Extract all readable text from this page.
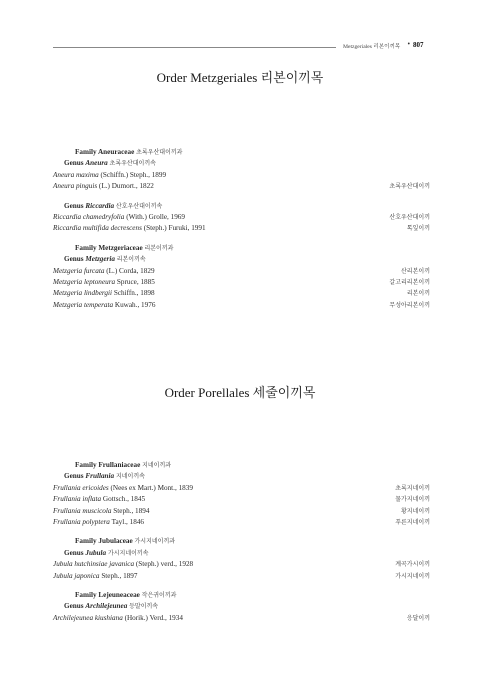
Metzgeriales 리본이끼목 • 807
Order Metzgeriales 리본이끼목
Family Aneuraceae 초록우산대이끼과
Genus Aneura 초록우산대이끼속
Aneura maxima (Schiffn.) Steph., 1899
Aneura pinguis (L.) Dumort., 1822	초록우산대이끼
Genus Riccardia 산호우산대이끼속
Riccardia chamedryfolia (With.) Grolle, 1969	산호우산대이끼
Riccardia multifida decrescens (Steph.) Furuki, 1991	톡잎이끼
Family Metzgeriaceae 리본이끼과
Genus Metzgeria 리본이끼속
Metzgeria furcata (L.) Corda, 1829	산리본이끼
Metzgeria leptoneura Spruce, 1885	갈고리리본이끼
Metzgeria lindbergii Schiffn., 1898	리본이끼
Metzgeria temperata Kuwah., 1976	무성아리본이끼
Order Porellales 세줄이끼목
Family Frullaniaceae 지네이끼과
Genus Frullania 지네이끼속
Frullania ericoides (Nees ex Mart.) Mont., 1839	초록지네이끼
Frullania inflata Gottsch., 1845	물가지네이끼
Frullania muscicola Steph., 1894	황지네이끼
Frullania polyptera Tayl., 1846	푸른지네이끼
Family Jubulaceae 가시지네이끼과
Genus Jubula 가시지네이끼속
Jubula hutchinsiae javanica (Steph.) verd., 1928	계곡가시이끼
Jubula japonica Steph., 1897	가시지네이끼
Family Lejeuneaceae 작은귀이끼과
Genus Archilejeunea 등말이끼속
Archilejeunea kiushiana (Horik.) Verd., 1934	응달이끼
